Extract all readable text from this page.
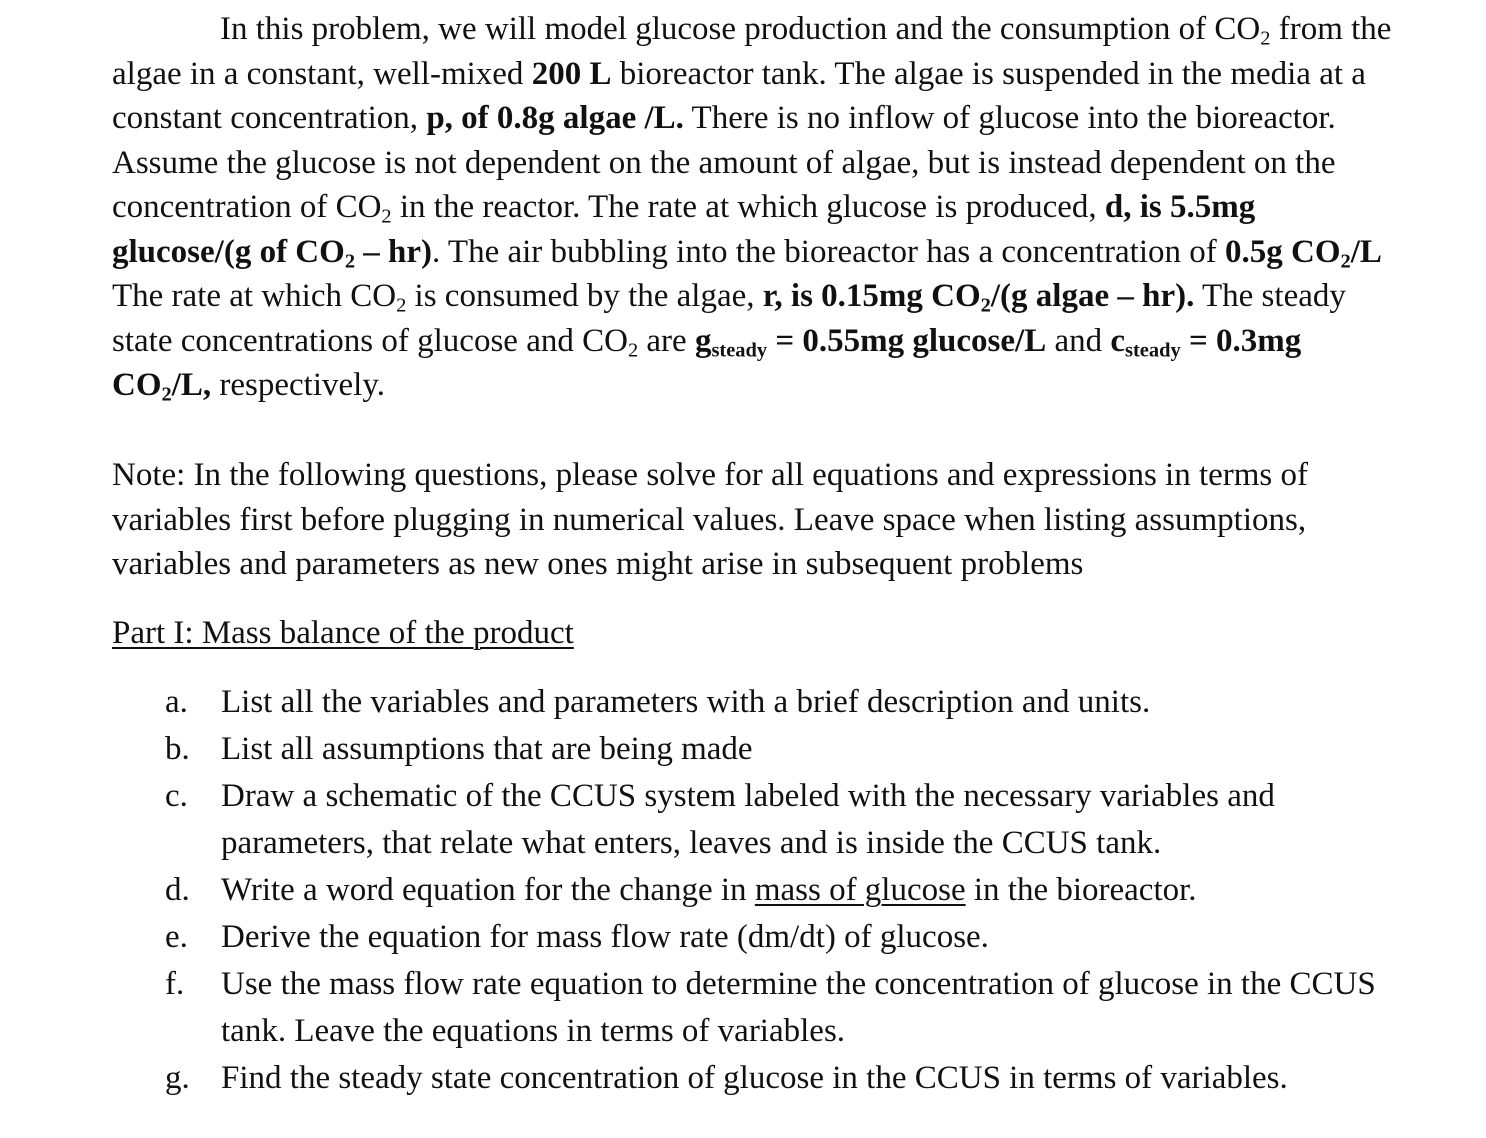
In this problem, we will model glucose production and the consumption of $CO_2$ from the
algae in a constant, well-mixed 200 L bioreactor tank. The algae is suspended in the media at a
constant concentration, p, of 0.8g algae /L. There is no inflow of glucose into the bioreactor.
Assume the glucose is not dependent on the amount of algae, but is instead dependent on the
concentration of $CO_2$ in the reactor. The rate at which glucose is produced, d, is 5.5mg
glucose/(g of $CO_2 - hr$). The air bubbling into the bioreactor has a concentration of 0.5g $CO_2/L$
The rate at which $CO_2$ is consumed by the algae, r, is 0.15mg $CO_2/(g$ algae – hr). The steady
state concentrations of glucose and $CO_2$ are $g_{steady} = 0.55mg$ glucose/L and $c_{steady} = 0.3mg$
$CO_2/L$, respectively.
Note: In the following questions, please solve for all equations and expressions in terms of
variables first before plugging in numerical values. Leave space when listing assumptions,
variables and parameters as new ones might arise in subsequent problems
Part I: Mass balance of the product
a. List all the variables and parameters with a brief description and units.
b. List all assumptions that are being made
c. Draw a schematic of the CCUS system labeled with the necessary variables and
parameters, that relate what enters, leaves and is inside the CCUS tank.
d. Write a word equation for the change in mass of glucose in the bioreactor.
e. Derive the equation for mass flow rate (dm/dt) of glucose.
f. Use the mass flow rate equation to determine the concentration of glucose in the CCUS
tank. Leave the equations in terms of variables.
g. Find the steady state concentration of glucose in the CCUS in terms of variables.
